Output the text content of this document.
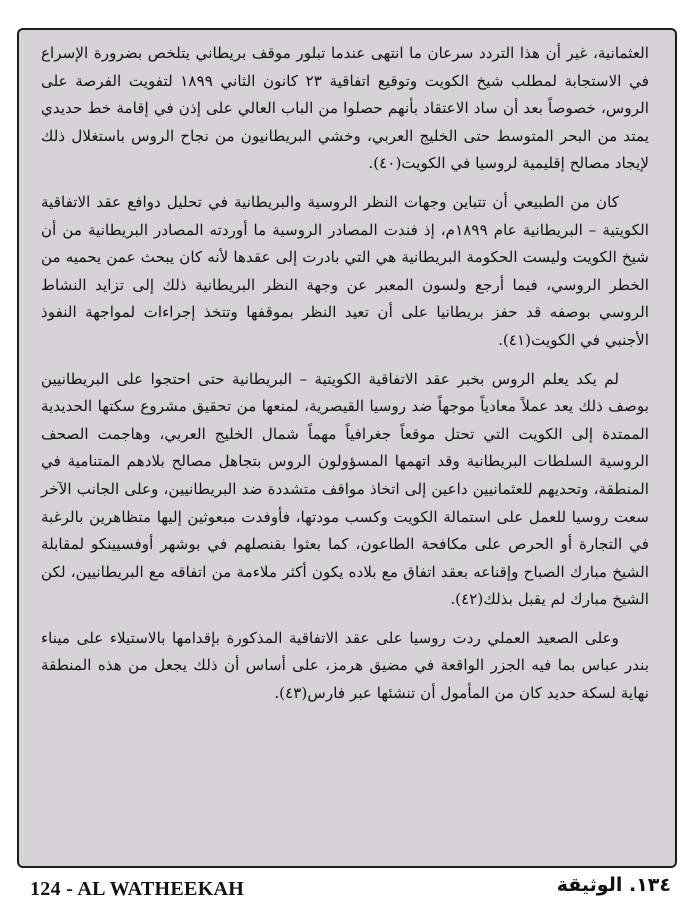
العثمانية، غير أن هذا التردد سرعان ما انتهى عندما تبلور موقف بريطاني يتلخص بضرورة الإسراع في الاستجابة لمطلب شيخ الكويت وتوقيع اتفاقية ٢٣ كانون الثاني ١٨٩٩ لتفويت الفرصة على الروس، خصوصاً بعد أن ساد الاعتقاد بأنهم حصلوا من الباب العالي على إذن في إقامة خط حديدي يمتد من البحر المتوسط حتى الخليج العربي، وخشي البريطانيون من نجاح الروس باستغلال ذلك لإيجاد مصالح إقليمية لروسيا في الكويت(٤٠).

كان من الطبيعي أن تتباين وجهات النظر الروسية والبريطانية في تحليل دوافع عقد الاتفاقية الكويتية – البريطانية عام ١٨٩٩م، إذ فندت المصادر الروسية ما أوردته المصادر البريطانية من أن شيخ الكويت وليست الحكومة البريطانية هي التي بادرت إلى عقدها لأنه كان يبحث عمن يحميه من الخطر الروسي، فيما أرجع ولسون المعبر عن وجهة النظر البريطانية ذلك إلى تزايد النشاط الروسي بوصفه قد حفز بريطانيا على أن تعيد النظر بموقفها وتتخذ إجراءات لمواجهة النفوذ الأجنبي في الكويت(٤١).

لم يكد يعلم الروس بخبر عقد الاتفاقية الكويتية – البريطانية حتى احتجوا على البريطانيين بوصف ذلك يعد عملاً معادياً موجهاً ضد روسيا القيصرية، لمنعها من تحقيق مشروع سكتها الحديدية الممتدة إلى الكويت التي تحتل موقعاً جغرافياً مهماً شمال الخليج العربي، وهاجمت الصحف الروسية السلطات البريطانية وقد اتهمها المسؤولون الروس بتجاهل مصالح بلادهم المتنامية في المنطقة، وتحديهم للعثمانيين داعين إلى اتخاذ مواقف متشددة ضد البريطانيين، وعلى الجانب الآخر سعت روسيا للعمل على استمالة الكويت وكسب مودتها، فأوفدت مبعوثين إليها متظاهرين بالرغبة في التجارة أو الحرص على مكافحة الطاعون، كما بعثوا بقنصلهم في بوشهر أوفسيينكو لمقابلة الشيخ مبارك الصباح وإقناعه بعقد اتفاق مع بلاده يكون أكثر ملاءمة من اتفاقه مع البريطانيين، لكن الشيخ مبارك لم يقبل بذلك(٤٢).

وعلى الصعيد العملي ردت روسيا على عقد الاتفاقية المذكورة بإقدامها بالاستيلاء على ميناء بندر عباس بما فيه الجزر الواقعة في مضيق هرمز، على أساس أن ذلك يجعل من هذه المنطقة نهاية لسكة حديد كان من المأمول أن تنشئها عبر فارس(٤٣).

124 - AL WATHEEKAH	١٣٤. الوثيقة
